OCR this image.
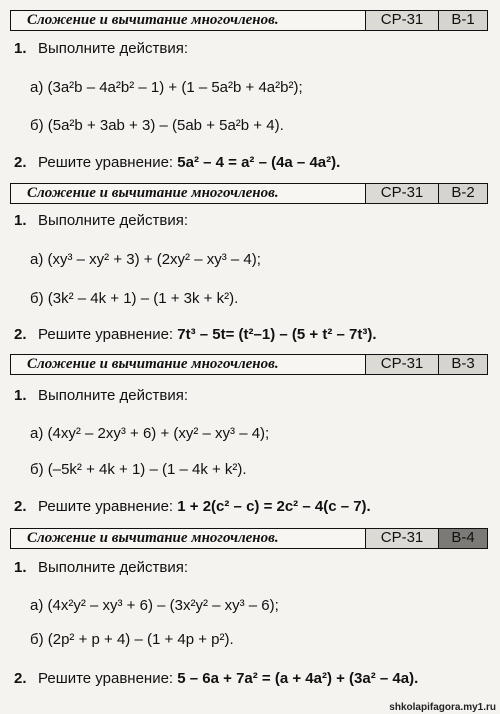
Сложение и вычитание многочленов.	СР-31	В-1
1. Выполните действия:
а) (3a²b – 4a²b² – 1) + (1 – 5a²b + 4a²b²);
б) (5a²b + 3ab + 3) – (5ab + 5a²b + 4).
2. Решите уравнение: 5a² – 4 = a² – (4a – 4a²).
Сложение и вычитание многочленов.	СР-31	В-2
1. Выполните действия:
а) (xy³ – xy² + 3) + (2xy² – xy³ – 4);
б) (3k² – 4k + 1) – (1 + 3k + k²).
2. Решите уравнение: 7t³ – 5t= (t²–1) – (5 + t² – 7t³).
Сложение и вычитание многочленов.	СР-31	В-3
1. Выполните действия:
а) (4xy² – 2xy³ + 6) + (xy² – xy³ – 4);
б) (–5k² + 4k + 1) – (1 – 4k + k²).
2. Решите уравнение: 1 + 2(c² – c) = 2c² – 4(c – 7).
Сложение и вычитание многочленов.	СР-31	В-4
1. Выполните действия:
а) (4x²y² – xy³ + 6) – (3x²y² – xy³ – 6);
б) (2p² + p + 4) – (1 + 4p + p²).
2. Решите уравнение: 5 – 6a + 7a² = (a + 4a²) + (3a² – 4a).
shkolapifagora.my1.ru
